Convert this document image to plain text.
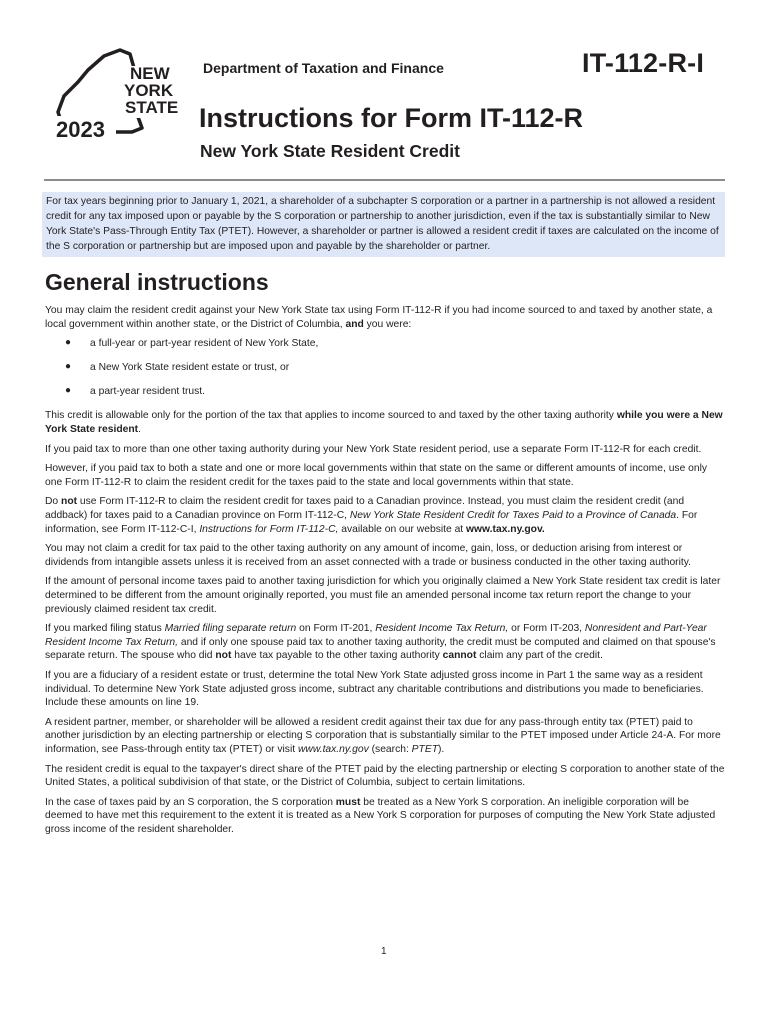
NEW
YORK
STATE
2023
Department of Taxation and Finance	IT-112-R-I
Instructions for Form IT-112-R
New York State Resident Credit
For tax years beginning prior to January 1, 2021, a shareholder of a subchapter S corporation or a partner in a partnership is not allowed a resident credit for any tax imposed upon or payable by the S corporation or partnership to another jurisdiction, even if the tax is substantially similar to New York State's Pass-Through Entity Tax (PTET). However, a shareholder or partner is allowed a resident credit if taxes are calculated on the income of the S corporation or partnership but are imposed upon and payable by the shareholder or partner.
General instructions

You may claim the resident credit against your New York State tax using Form IT-112-R if you had income sourced to and taxed by another state, a local government within another state, or the District of Columbia, and you were:

● a full-year or part-year resident of New York State,
● a New York State resident estate or trust, or
● a part-year resident trust.

This credit is allowable only for the portion of the tax that applies to income sourced to and taxed by the other taxing authority while you were a New York State resident.

If you paid tax to more than one other taxing authority during your New York State resident period, use a separate Form IT-112-R for each credit.

However, if you paid tax to both a state and one or more local governments within that state on the same or different amounts of income, use only one Form IT-112-R to claim the resident credit for the taxes paid to the state and local governments within that state.

Do not use Form IT-112-R to claim the resident credit for taxes paid to a Canadian province. Instead, you must claim the resident credit (and addback) for taxes paid to a Canadian province on Form IT-112-C, New York State Resident Credit for Taxes Paid to a Province of Canada. For information, see Form IT-112-C-I, Instructions for Form IT-112-C, available on our website at www.tax.ny.gov.

You may not claim a credit for tax paid to the other taxing authority on any amount of income, gain, loss, or deduction arising from interest or dividends from intangible assets unless it is received from an asset connected with a trade or business conducted in the other taxing authority.

If the amount of personal income taxes paid to another taxing jurisdiction for which you originally claimed a New York State resident tax credit is later determined to be different from the amount originally reported, you must file an amended personal income tax return report the change to your previously claimed resident tax credit.

If you marked filing status Married filing separate return on Form IT-201, Resident Income Tax Return, or Form IT-203, Nonresident and Part-Year Resident Income Tax Return, and if only one spouse paid tax to another taxing authority, the credit must be computed and claimed on that spouse's separate return. The spouse who did not have tax payable to the other taxing authority cannot claim any part of the credit.

If you are a fiduciary of a resident estate or trust, determine the total New York State adjusted gross income in Part 1 the same way as a resident individual. To determine New York State adjusted gross income, subtract any charitable contributions and distributions you made to beneficiaries. Include these amounts on line 19.

A resident partner, member, or shareholder will be allowed a resident credit against their tax due for any pass-through entity tax (PTET) paid to another jurisdiction by an electing partnership or electing S corporation that is substantially similar to the PTET imposed under Article 24-A. For more information, see Pass-through entity tax (PTET) or visit www.tax.ny.gov (search: PTET).

The resident credit is equal to the taxpayer's direct share of the PTET paid by the electing partnership or electing S corporation to another state of the United States, a political subdivision of that state, or the District of Columbia, subject to certain limitations.

In the case of taxes paid by an S corporation, the S corporation must be treated as a New York S corporation. An ineligible corporation will be deemed to have met this requirement to the extent it is treated as a New York S corporation for purposes of computing the New York State adjusted gross income of the resident shareholder.

1
